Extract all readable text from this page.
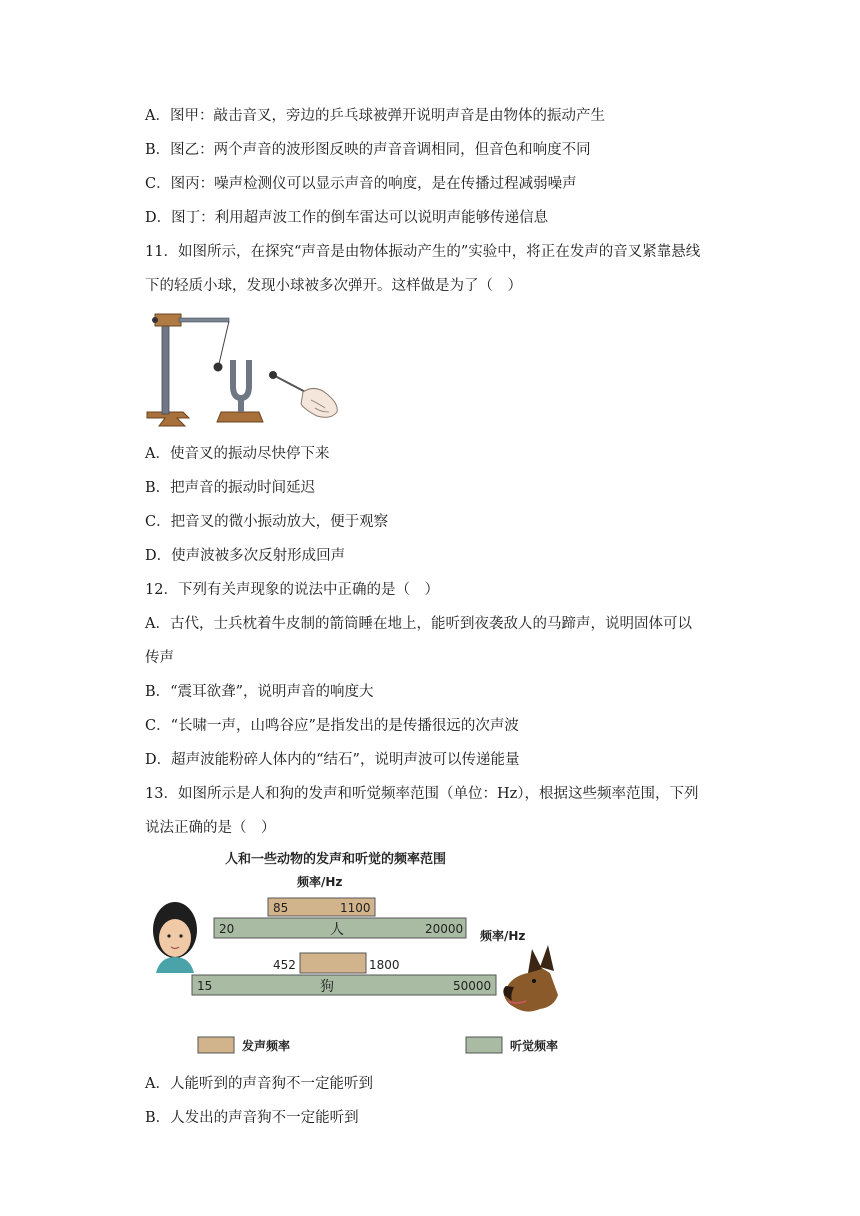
A．图甲：敲击音叉，旁边的乒乓球被弹开说明声音是由物体的振动产生
B．图乙：两个声音的波形图反映的声音音调相同，但音色和响度不同
C．图丙：噪声检测仪可以显示声音的响度，是在传播过程减弱噪声
D．图丁：利用超声波工作的倒车雷达可以说明声能够传递信息
11．如图所示，在探究“声音是由物体振动产生的”实验中，将正在发声的音叉紧靠悬线
下的轻质小球，发现小球被多次弹开。这样做是为了（　）
A．使音叉的振动尽快停下来
B．把声音的振动时间延迟
C．把音叉的微小振动放大，便于观察
D．使声波被多次反射形成回声
12．下列有关声现象的说法中正确的是（　）
A．古代，士兵枕着牛皮制的箭筒睡在地上，能听到夜袭敌人的马蹄声，说明固体可以
传声
B．“震耳欲聋”，说明声音的响度大
C．“长啸一声，山鸣谷应”是指发出的是传播很远的次声波
D．超声波能粉碎人体内的“结石”，说明声波可以传递能量
13．如图所示是人和狗的发声和听觉频率范围（单位：Hz），根据这些频率范围，下列
说法正确的是（　）
人和一些动物的发声和听觉的频率范围
频率/Hz
85	1100
20	人	20000 频率/Hz
452	1800
15	狗	50000
发声频率	听觉频率
A．人能听到的声音狗不一定能听到
B．人发出的声音狗不一定能听到
